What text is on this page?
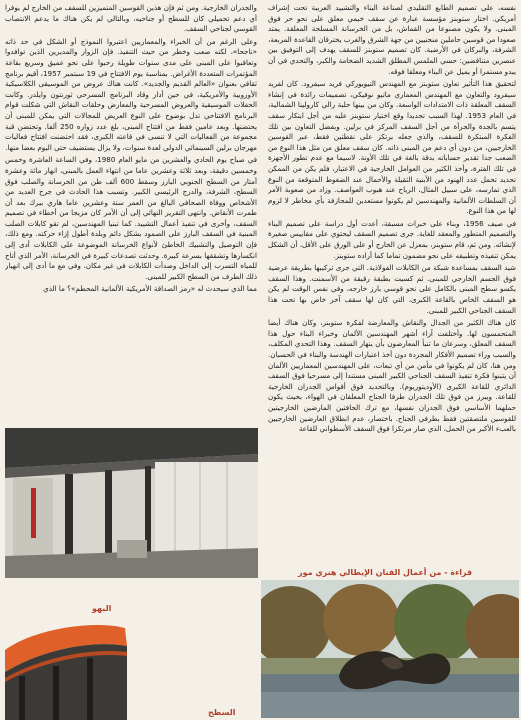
نفسه، على تصميم الطابع التقليدي لصناعة البناء والتشييد العربية تحت إشراف أمريكي. اختار ستوبنز مؤسسة عبارة عن سقف خيمي معلق على نحو حر فوق المبنى. ولا يكون مصنوعا من القماش، بل من الخرسانة المسلحة المعلقة. يمتد صعودا من قوسين حاملين منحنيين من جهة الشرق والغرب يخترقان القاعدة المربعة، الشرفة، والبركان في الأرضية. كان تصميم ستوبنز للسقف يهدف إلى التوفيق بين عنصرين متناقضين: حسي الملمس المطلق الشديد الضخامة والكبر، والتحدي في أن يبدو مستمرا أو يميل عن البناء ومعلقا فوقه.

لتحقيق هذا التأثير تعاون ستوبنز مع المهندس النيويوركي فريد سيفرود. كان لفريد سيفرود والتعاون مع المهندس المعماري ماتيو نوفيكي، تصميمات رائدة في إنشاء السقف المعلقة ذات الامتدادات الواسعة. وكان من بينها حلبة رالي كارولينا الشمالية، في العام 1953. لهذا السبب تحديدا وقع اختيار ستوبنز عليه من أجل ابتكار سقف يتسم بالجدة والجرأة من أجل السقف المركز في برلين. وبفضل التعاون بين تلك الفكرة المبتكرة للسقف، والذي جعله يرتكز على نقطتين فقط، عبر القوسين الخارجيين، من دون أي دعم من المبنى ذاته. كان سقف معلق من مثل هذا النوع من الصعب جدا تقدير حساباته بدقة بالغة في تلك الأونة. لاسيما مع عدم تطور الأجهزة في تلك الفترة، وأخذ الكثير من العوامل الخارجية في الاعتبار، فلم يكن من الممكن تحديد تحمل عدد الهنود من الأبنية الثقيلة والأحمال عند الضغوط المتوقعة من النوع الذي تمارسه، على سبيل المثال، الرياح عند هبوب العواصف. وزاد من صعوبة الأمر أن السلطات الألمانية والمهندسين لم يكونوا مستعدين للمجازفة بأي مخاطر لا لزوم لها من هذا النوع.

في صيف 1956، وبناء على خبرات مسبقة، أعدت أول دراسة على تصميم البناء والتصميم المتطور والمعقد للغاية. جرى تصميم السقف ليحتوي على مقاييس صغيرة لإنشائه. ومن ثم، قام ستوبنز، بمعزل عن الخارج أو على الورق على الأقل، أن الشكل يمكن تنفيذه وتطبيقه على نحو مضمون تماما كما أراده ستوبنز.

شيد السقف بمساعدة شبكة من الكابلات الفولاذية. التي جرى تركيبها بطريقة عرضية فوق الجسم الخارجي للمبنى. ثم كسيت بطبقة رقيقة من الأسمنت. وهذا السقف يكسو سطح المبنى بالكامل على نحو قوسي بارز خارجه، وفي نفس الوقت لم يكن هو السقف الخاص بالقاعة الكبرى، التي كان لها سقف آخر خاص بها تحت هذا السقف الجناحي الكبير للمبنى.

كان هناك الكثير من الجدال والنقاش والمعارضة لفكرة ستوبنز، وكان هناك أيضا المتحمسون لها. وأختلفت آراء أشهر المهندسين الألمان وخبراء البناء حول هذا السقف المعلق، وسرعان ما تنبأ المعارضون بأن ينهار السقف. وهذا التحدي المكلف، والسبب وراء تصميم الأفكار المجردة دون أخذ اعتبارات الهندسة والبناء في الحسبان. ومن هنا، كان لم يكونوا في مأمن من أي تبعات، على المهندسين المعماريين الألمان أن يتبنوا فكرة تنفيذ السقف الجناحي الكبير المبنى مستندا إلى مسرحيا فوق السقف الدائري للقاعة الكبرى (الأوديتوريوم). وبالتحديد فوق أقواس الجدران الخارجية للقاعة. ويبرز من فوق تلك الجدران طرفا الجناح المعلقان في الهواء، بحيث يكون حملهما الأساسي فوق الجدران نفسها، مع ترك الحافتين المارضين الخارجيتين للقوسين ملتصقتين فقط بطرفي الجناح. باختصار، عدم انطلاق العارضين الخارجيين بالعبء الأكبر من الحمل، الذي صار مرتكزا فوق السقف الأسطواني للقاعة

والجدران الخارجية. ومن ثم فإن هذين القوسين المتميزين للسقف من الخارج لم يوفرا أي دعم تحميلي كان للسطح أو جناحيه، وبالتالي لم يكن هناك ما يدعم الانتصاب القوسي لجناحي السقف.

وعلى الرغم من أن الخبراء والمعماريين اعتبروا النموذج أو الشكل في حد ذاته «ناجحا»، لكنه صعب وخطر من حيث التنفيذ. فإن الزوار والمديرين الذين توافدوا وتعاقبوا على المبنى على مدى سنوات طويلة رحبوا على نحو عميق وسريع بقاعة المؤتمرات المتعددة الأغراض. بمناسبة يوم الافتتاح في 19 سبتمبر 1957، أقيم برنامج ثقافي بعنوان «العالم القديم والجديد». كانت هناك عروض من الموسيقى الكلاسيكية الأوروبية والأمريكية، في حين أدار وقاد البرنامج المسرحي ثورنتون وايلدر. وكانت الحفلات الموسيقية والعروض المسرحية والمعارض وحلقات النقاش التي شكلت قوام البرنامج الافتتاحي تدل بوضوح على النوع العريض للمجالات التي يمكن للمبنى أن يحتضنها. وبعد عامين فقط من افتتاح المبنى، بلغ عدد زواره 250 ألفا. وتحتضن قبة مجموعة من الفعاليات التي لا تنسى في قاعته الكبرى، فقد احتضنت افتتاح فعاليات مهرجان برلين السينمائي الدولي لعدة سنوات، ولا يزال يستضيف حتى اليوم بعضا منها.

في صباح يوم الحادي والعشرين من مايو العام 1980، وفي الساعة العاشرة وخمس وخمسين دقيقة، وبعد ثلاثة وعشرين عاما من انتهاء العمل بالمبنى، انهار مائة وعشرة أمتار من السطح الجنوبي البارز وسقط 600 ألف طن من الخرسانة والصلب فوق السطح، الشرفة، والدرج الرئيسي الكبير. وتسبب هذا الحادث في جرح العديد من الأشخاص ووفاة الصحافي البالغ من العمر ستة وعشرين عاما هاري بيرك بعد أن طمرت الأنقاض. وانتهى التقرير النهائي إلى أن الأمر كان مزيجا من أخطاء في تصميم السقف، وأخرى في تنفيذ أعمال التشييد. كما تبنيا المهندسين، لم تقو كابلات الصلب المبنية في السقف البارز على الصمود بشكل دائم وبلدة أطول إزاء حركته. ومع ذلك، فإن التوصيل والتشبيك الخاطئ لأنواع الخرسانة الموضوعة على الكابلات أدى إلى انكسارها وتشققها بسرعة كبيرة. وحدثت تصدعات كبيرة في الخرسانة، الأمر الذي أتاح للمياه التسرب إلى الداخل وصدأت الكابلات في غير مكان. وفي مع ما أدى إلى انهيار ذلك الطرف من السطح الكبير للمبنى.

مما الذي سيحدث له «رمز الصداقة الأمريكية الألمانية المحطم»؟ ما الذي

قراءة - من أعمال الفنان الإيطالي هنري مور
البهو
السطح
